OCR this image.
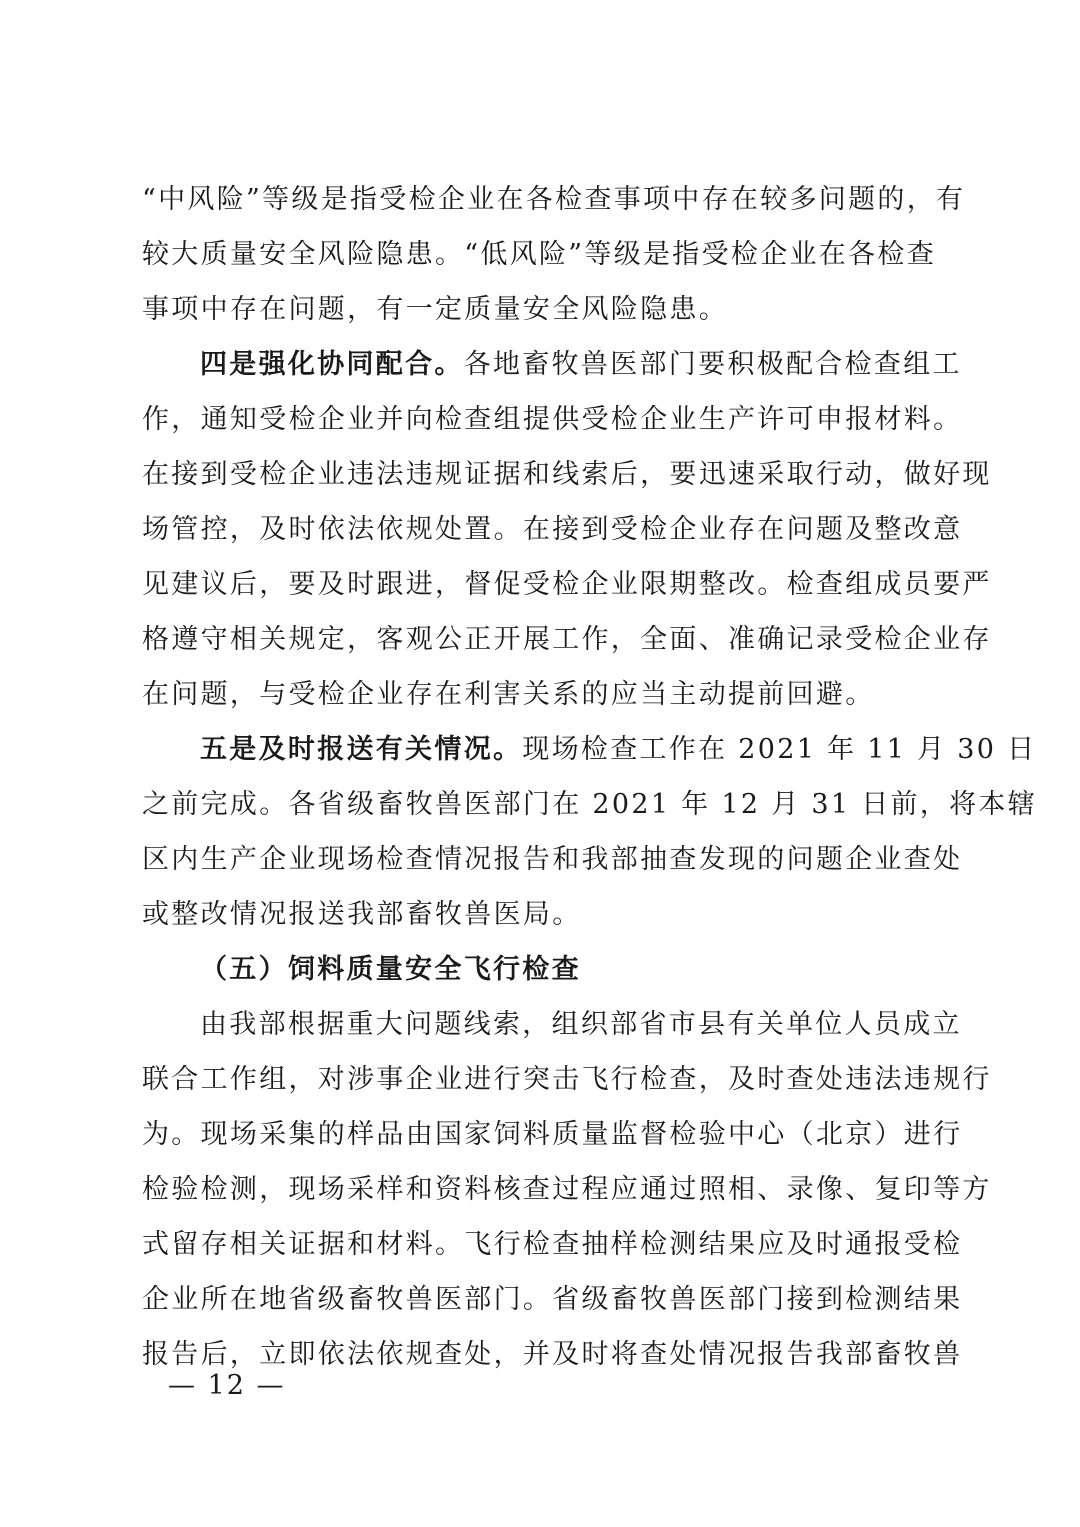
“中风险”等级是指受检企业在各检查事项中存在较多问题的，有
较大质量安全风险隐患。“低风险”等级是指受检企业在各检查
事项中存在问题，有一定质量安全风险隐患。
四是强化协同配合。各地畜牧兽医部门要积极配合检查组工
作，通知受检企业并向检查组提供受检企业生产许可申报材料。
在接到受检企业违法违规证据和线索后，要迅速采取行动，做好现
场管控，及时依法依规处置。在接到受检企业存在问题及整改意
见建议后，要及时跟进，督促受检企业限期整改。检查组成员要严
格遵守相关规定，客观公正开展工作，全面、准确记录受检企业存
在问题，与受检企业存在利害关系的应当主动提前回避。
五是及时报送有关情况。现场检查工作在 2021 年 11 月 30 日
之前完成。各省级畜牧兽医部门在 2021 年 12 月 31 日前，将本辖
区内生产企业现场检查情况报告和我部抽查发现的问题企业查处
或整改情况报送我部畜牧兽医局。
（五）饲料质量安全飞行检查
由我部根据重大问题线索，组织部省市县有关单位人员成立
联合工作组，对涉事企业进行突击飞行检查，及时查处违法违规行
为。现场采集的样品由国家饲料质量监督检验中心（北京）进行
检验检测，现场采样和资料核查过程应通过照相、录像、复印等方
式留存相关证据和材料。飞行检查抽样检测结果应及时通报受检
企业所在地省级畜牧兽医部门。省级畜牧兽医部门接到检测结果
报告后，立即依法依规查处，并及时将查处情况报告我部畜牧兽
— 12 —
